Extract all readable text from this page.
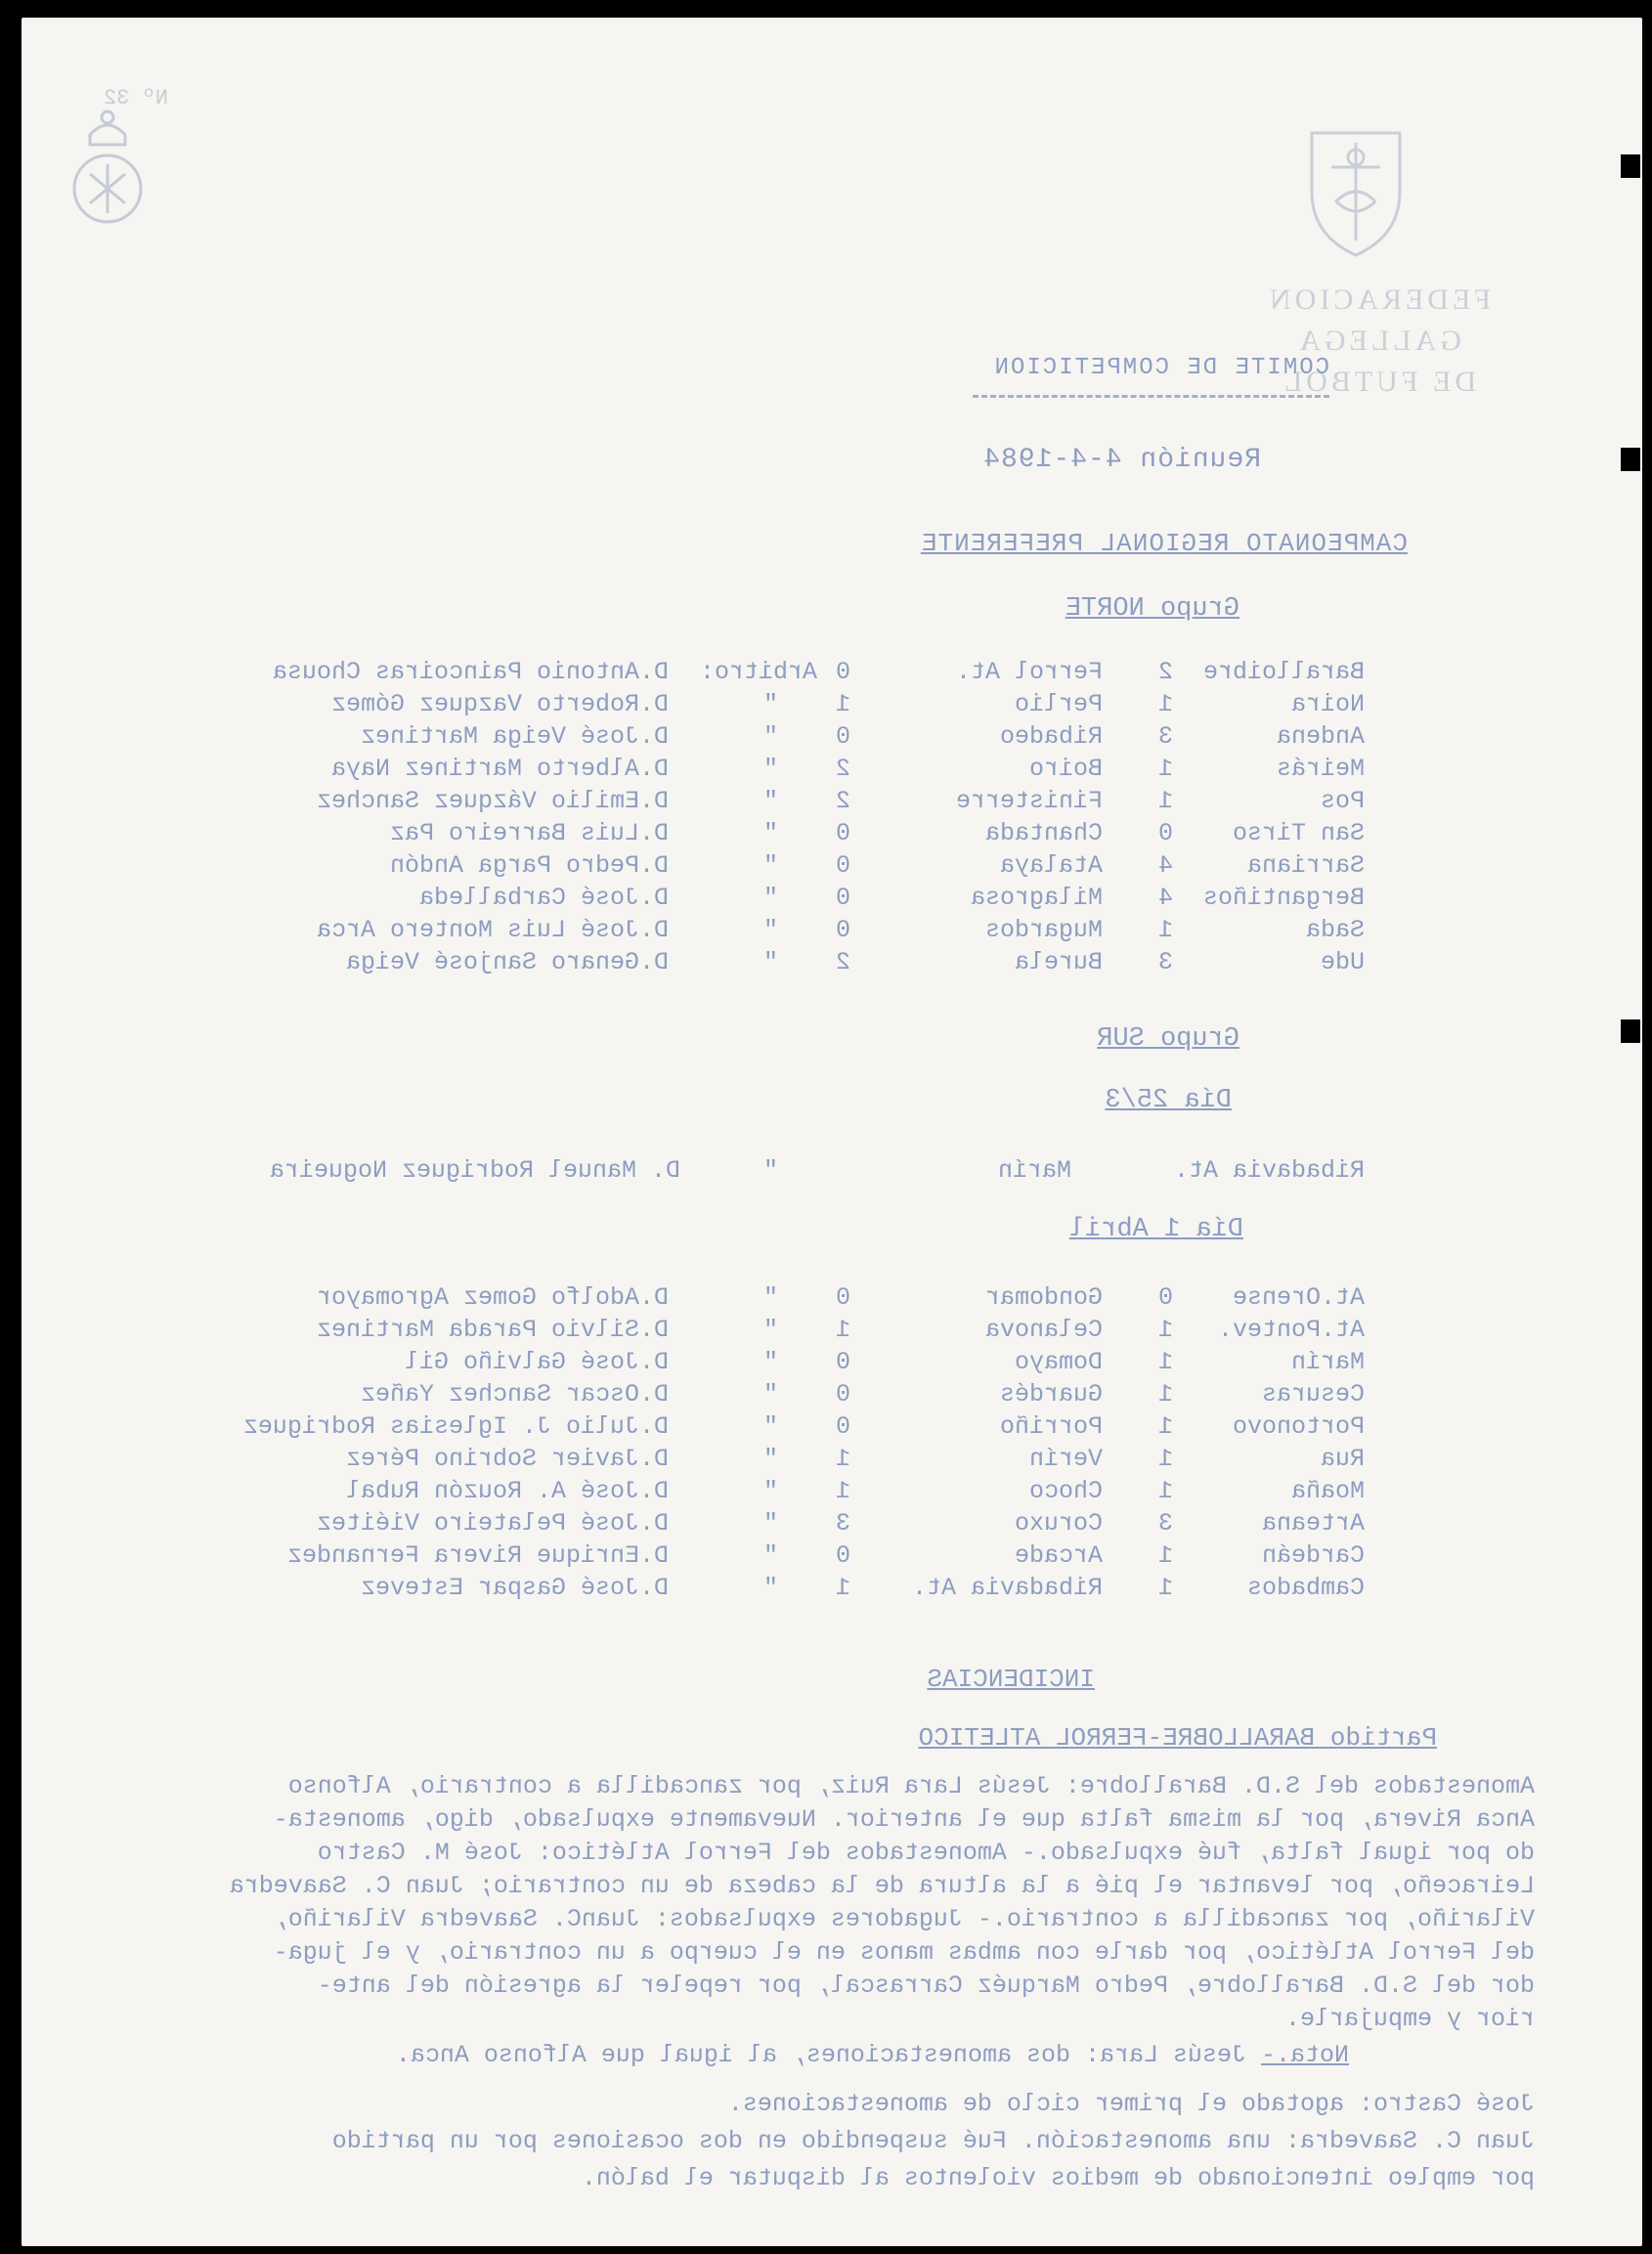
Nº 32
FEDERACION GALLEGA
DE FUTBOL
COMITE DE COMPETICION
Reunión 4-4-1984
CAMPEONATO REGIONAL PREFERENTE
Grupo NORTE
Baralloibre
2
Ferrol At.
0
Arbitro:
D.Antonio Paincoiras Chousa
Noira
1
Perlio
1
"
D.Roberto Vazquez Gómez
Andena
3
Ribadeo
0
"
D.José Veiga Martinez
Meirás
1
Boiro
2
"
D.Alberto Martinez Naya
Pos
1
Finisterre
2
"
D.Emilio Vázquez Sanchez
San Tirso
0
Chantada
0
"
D.Luis Barreiro Paz
Sarriana
4
Atalaya
0
"
D.Pedro Parga Andón
Bergantiños
4
Milagrosa
0
"
D.José Carballeda
Sada
1
Mugardos
0
"
D.José Luis Montero Arca
Ude
3
Burela
2
"
D.Genaro Sanjosé Veiga
Grupo SUR
Día 25/3
Ribadavia At.
Marín
"
D. Manuel Rodriguez Nogueira
Día 1 Abril
At.Orense
0
Gondomar
0
"
D.Adolfo Gomez Agromayor
At.Pontev.
1
Celanova
1
"
D.Silvio Parada Martinez
Marín
1
Domayo
0
"
D.José Galviño Gil
Cesuras
1
Guardés
0
"
D.Oscar Sanchez Yañez
Portonovo
1
Porriño
0
"
D.Julio J. Iglesias Rodriguez
Rua
1
Verín
1
"
D.Javier Sobrino Pérez
Moaña
1
Choco
1
"
D.José A. Rouzón Rubal
Arteana
3
Coruxo
3
"
D.José Pelateiro Viéitez
Cardeán
1
Arcade
0
"
D.Enrique Rivera Fernandez
Cambados
1
Ribadavia At.
1
"
D.José Gaspar Estevez
INCIDENCIAS
Partido BARALLOBRE-FERROL ATLETICO
Amonestados del S.D. Barallobre: Jesús Lara Ruiz, por zancadilla a contrario, Alfonso
Anca Rivera, por la misma falta que el anterior. Nuevamente expulsado, digo, amonesta-
do por igual falta, fué expulsado.- Amonestados del Ferrol Atlético: José M. Castro
Leiraceño, por levantar el pié a la altura de la cabeza de un contrario; Juan C. Saavedra
Vilariño, por zancadilla a contrario.- Jugadores expulsados: JuanC. Saavedra Vilariño,
del Ferrol Atlético, por darle con ambas manos en el cuerpo a un contrario, y el juga-
dor del S.D. Barallobre, Pedro Marquéz Carrascal, por repeler la agresión del ante-
rior y empujarle.
Nota.- Jesús Lara: dos amonestaciones, al igual que Alfonso Anca.
José Castro: agotado el primer ciclo de amonestaciones.
Juan C. Saavedra: una amonestación. Fué suspendido en dos ocasiones por un partido
por empleo intencionado de medios violentos al disputar el balón.
